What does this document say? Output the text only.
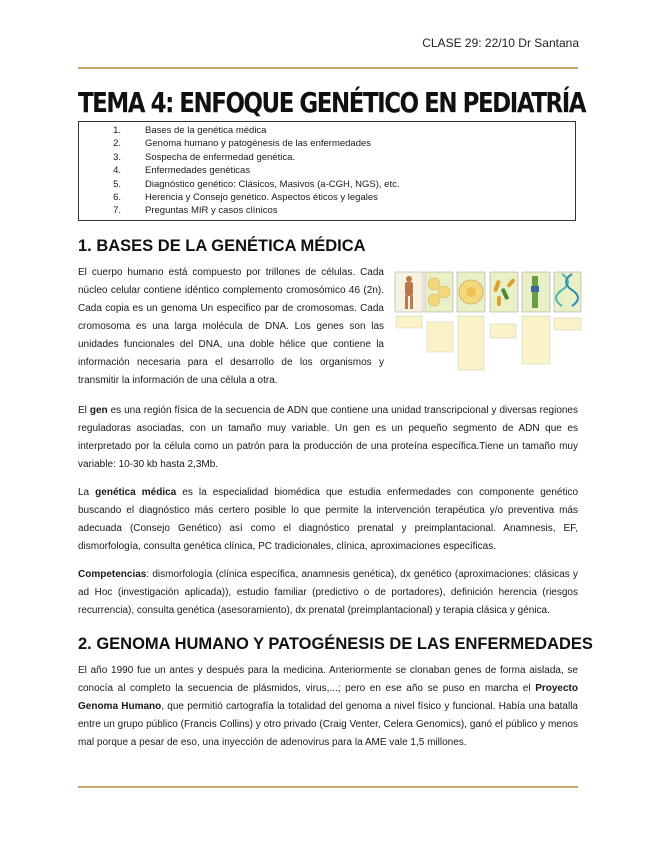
CLASE 29: 22/10 Dr Santana
TEMA 4: ENFOQUE GENÉTICO EN PEDIATRÍA
1.	Bases de la genética médica
2.	Genoma humano y patogénesis de las enfermedades
3.	Sospecha de enfermedad genética.
4.	Enfermedades genéticas
5.	Diagnóstico genético: Clásicos, Masivos (a-CGH, NGS), etc.
6.	Herencia y Consejo genético. Aspectos éticos y legales
7.	Preguntas MIR y casos clínicos
1. BASES DE LA GENÉTICA MÉDICA

El cuerpo humano está compuesto por trillones de células. Cada núcleo celular contiene idéntico complemento cromosómico 46 (2n). Cada copia es un genoma Un especifico par de cromosomas. Cada cromosoma es una larga molécula de DNA. Los genes son las unidades funcionales del DNA, una doble hélice que contiene la información necesaria para el desarrollo de los organismos y transmitir la información de una célula a otra.

El gen es una región física de la secuencia de ADN que contiene una unidad transcripcional y diversas regiones reguladoras asociadas, con un tamaño muy variable. Un gen es un pequeño segmento de ADN que es interpretado por la célula como un patrón para la producción de una proteína específica.Tiene un tamaño muy variable: 10-30 kb hasta 2,3Mb.

La genética médica es la especialidad biomédica que estudia enfermedades con componente genético buscando el diagnóstico más certero posible lo que permite la intervención terapéutica y/o preventiva más adecuada (Consejo Genético) así como el diagnóstico prenatal y preimplantacional. Anamnesis, EF, dismorfología, consulta genética clínica, PC tradicionales, clínica, aproximaciones específicas.

Competencias: dismorfología (clínica específica, anamnesis genética), dx genético (aproximaciones: clásicas y ad Hoc (investigación aplicada)), estudio familiar (predictivo o de portadores), definición herencia (riesgos recurrencia), consulta genética (asesoramiento), dx prenatal (preimplantacional) y terapia clásica y génica.

2. GENOMA HUMANO Y PATOGÉNESIS DE LAS ENFERMEDADES

El año 1990 fue un antes y después para la medicina. Anteriormente se clonaban genes de forma aislada, se conocía al completo la secuencia de plásmidos, virus,...; pero en ese año se puso en marcha el Proyecto Genoma Humano, que permitió cartografía la totalidad del genoma a nivel físico y funcional. Había una batalla entre un grupo público (Francis Collins) y otro privado (Craig Venter, Celera Genomics), ganó el público y menos mal porque a pesar de eso, una inyección de adenovirus para la AME vale 1,5 millones.
